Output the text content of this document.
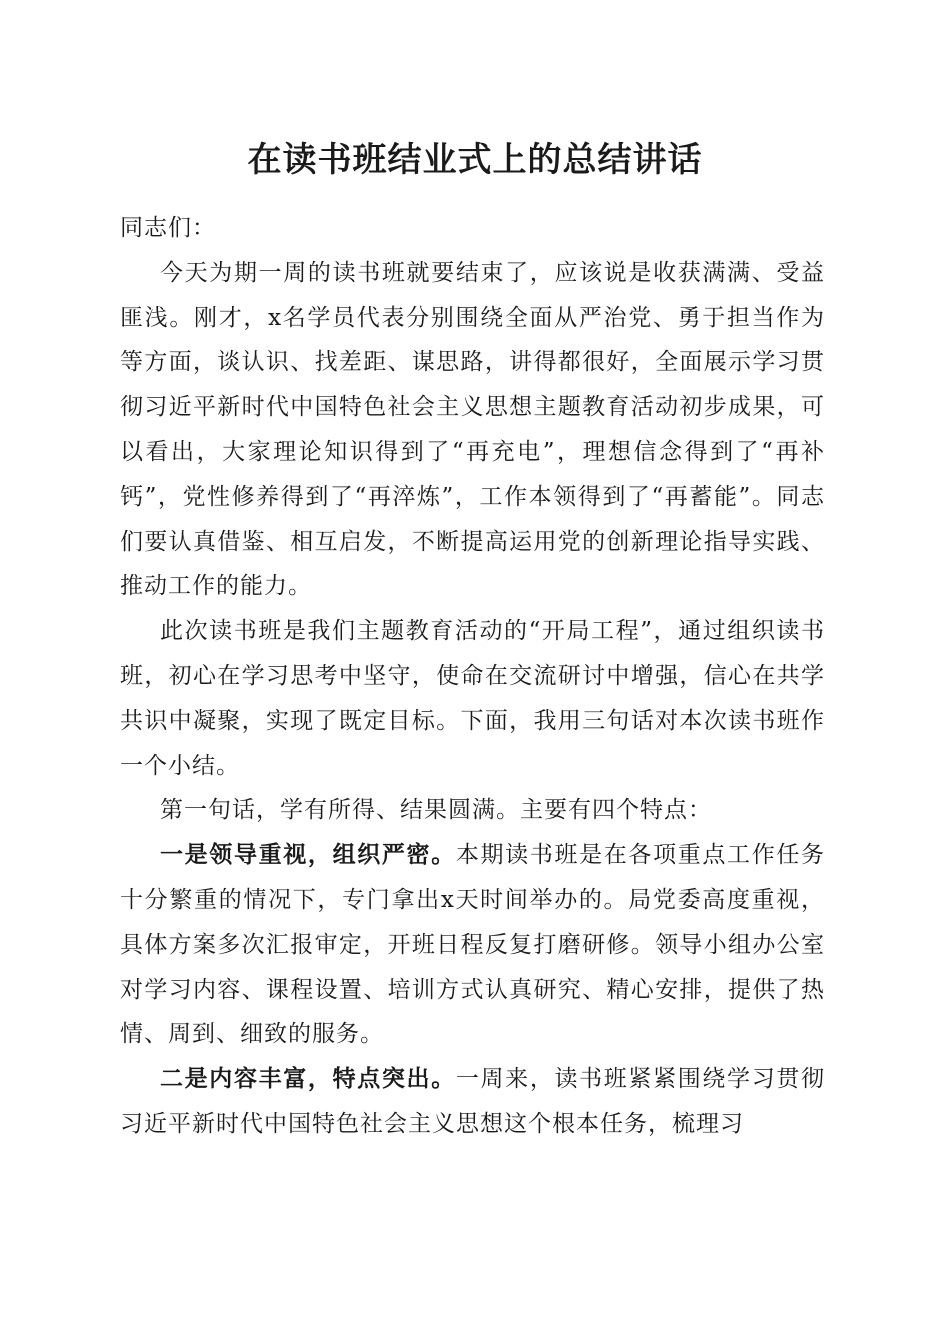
在读书班结业式上的总结讲话

同志们：

今天为期一周的读书班就要结束了，应该说是收获满满、受益匪浅。刚才，x名学员代表分别围绕全面从严治党、勇于担当作为等方面，谈认识、找差距、谋思路，讲得都很好，全面展示学习贯彻习近平新时代中国特色社会主义思想主题教育活动初步成果，可以看出，大家理论知识得到了“再充电”，理想信念得到了“再补钙”，党性修养得到了“再淬炼”，工作本领得到了“再蓄能”。同志们要认真借鉴、相互启发，不断提高运用党的创新理论指导实践、推动工作的能力。

此次读书班是我们主题教育活动的“开局工程”，通过组织读书班，初心在学习思考中坚守，使命在交流研讨中增强，信心在共学共识中凝聚，实现了既定目标。下面，我用三句话对本次读书班作一个小结。

第一句话，学有所得、结果圆满。主要有四个特点：

一是领导重视，组织严密。本期读书班是在各项重点工作任务十分繁重的情况下，专门拿出x天时间举办的。局党委高度重视，具体方案多次汇报审定，开班日程反复打磨研修。领导小组办公室对学习内容、课程设置、培训方式认真研究、精心安排，提供了热情、周到、细致的服务。

二是内容丰富，特点突出。一周来，读书班紧紧围绕学习贯彻习近平新时代中国特色社会主义思想这个根本任务，梳理习
